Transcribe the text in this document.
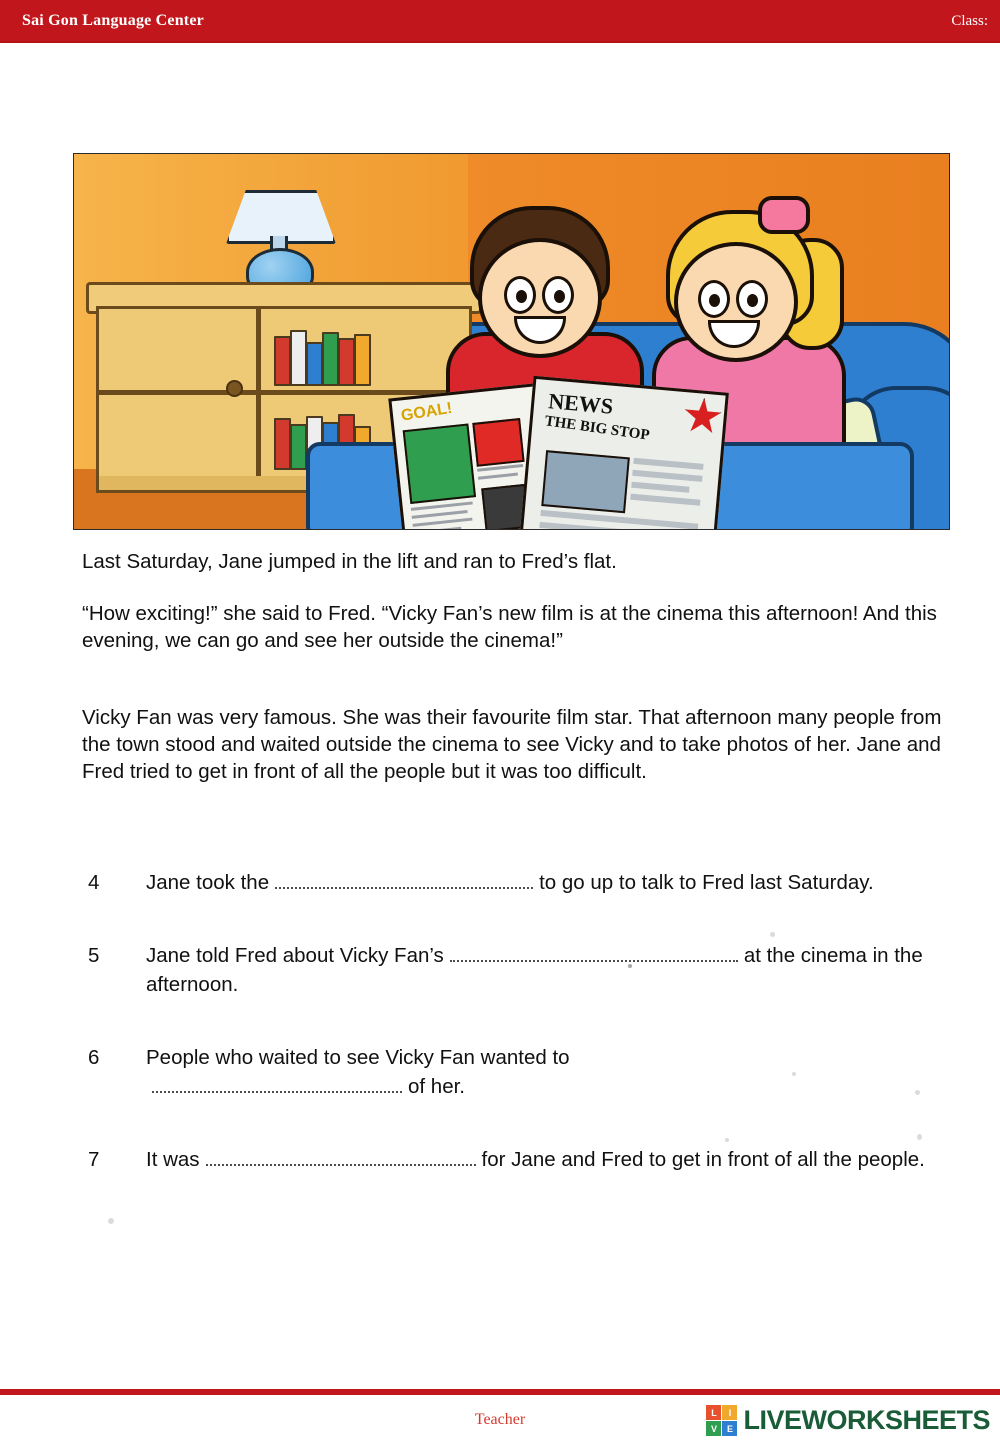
Sai Gon Language Center	Class:
GOAL!	NEWS
THE BIG STOP
Last Saturday, Jane jumped in the lift and ran to Fred’s flat.
“How exciting!” she said to Fred. “Vicky Fan’s new film is at the cinema this afternoon! And this evening, we can go and see her outside the cinema!”
Vicky Fan was very famous. She was their favourite film star. That afternoon many people from the town stood and waited outside the cinema to see Vicky and to take photos of her. Jane and Fred tried to get in front of all the people but it was too difficult.
4	Jane took the	to go up to talk to Fred last Saturday.
5	Jane told Fred about Vicky Fan’s	at the cinema in the afternoon.
6	People who waited to see Vicky Fan wanted to
of her.
7	It was	for Jane and Fred to get in front of all the people.
Teacher	L	I
V	E LIVEWORKSHEETS
